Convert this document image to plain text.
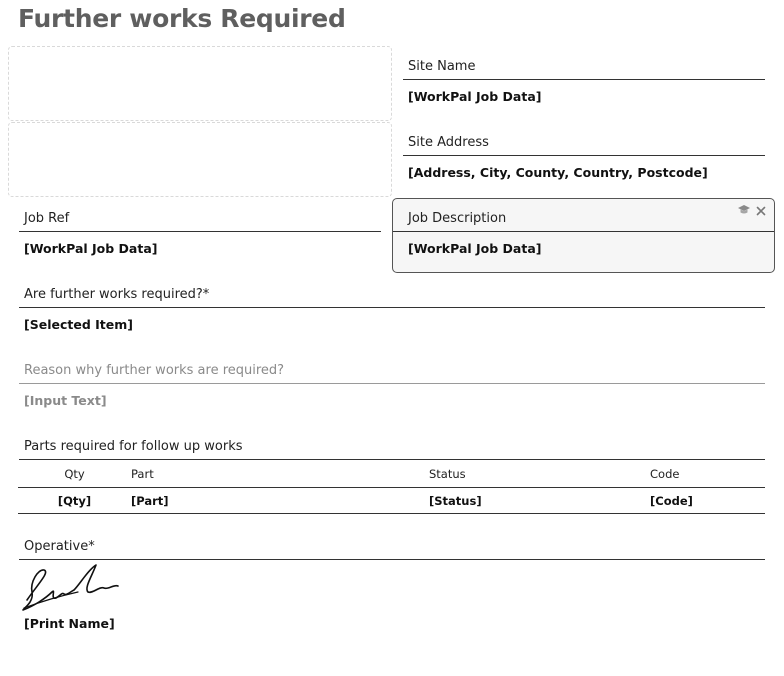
Further works Required
Site Name
[WorkPal Job Data]
Site Address
[Address, City, County, Country, Postcode]
Job Ref
[WorkPal Job Data]
Job Description
[WorkPal Job Data]
Are further works required?*
[Selected Item]
Reason why further works are required?
[Input Text]
Parts required for follow up works
Qty	Part	Status	Code
[Qty]	[Part]	[Status]	[Code]
Operative*
[Print Name]
